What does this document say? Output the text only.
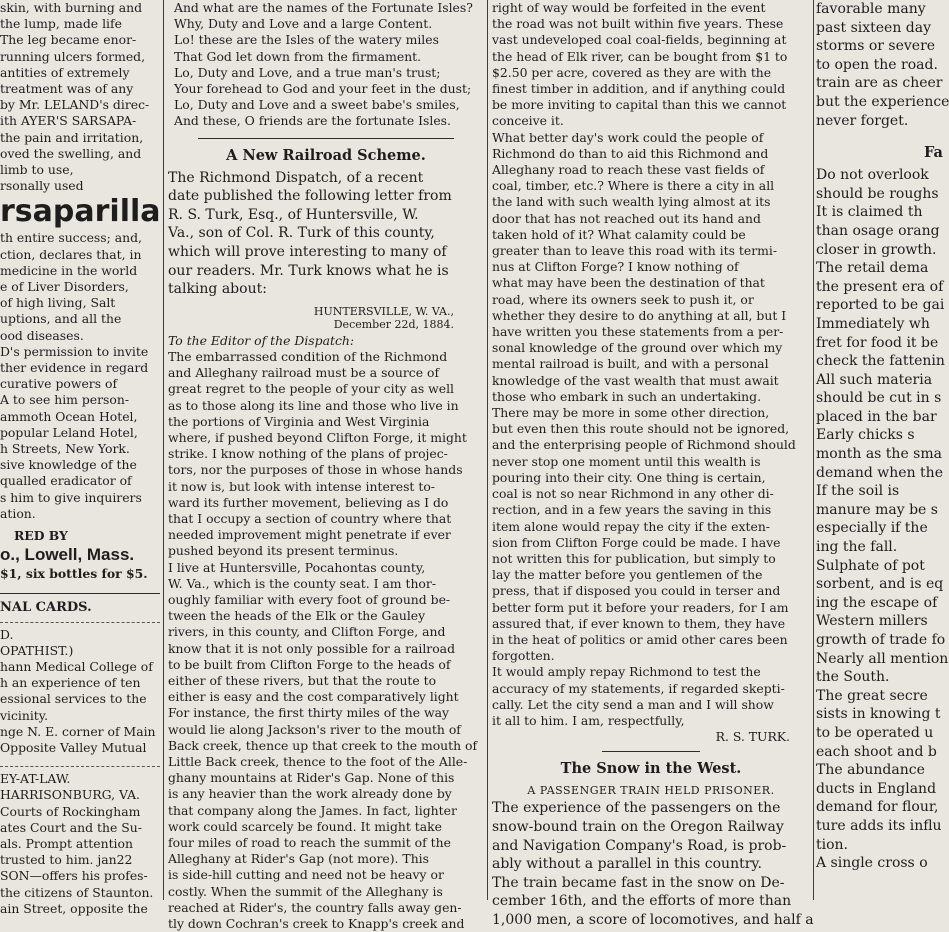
skin, with burning and
the lump, made life
The leg became enor-
running ulcers formed,
antities of extremely
treatment was of any
by Mr. LELAND's direc-
ith AYER'S SARSAPA-
the pain and irritation,
oved the swelling, and
limb to use,
rsonally used
rsaparilla
th entire success; and,
ction, declares that, in
medicine in the world
e of Liver Disorders,
of high living, Salt
uptions, and all the
ood diseases.
D's permission to invite
ther evidence in regard
curative powers of
A to see him person-
ammoth Ocean Hotel,
popular Leland Hotel,
h Streets, New York.
sive knowledge of the
qualled eradicator of
s him to give inquirers
ation.
RED BY
o., Lowell, Mass.
$1, six bottles for $5.
NAL CARDS.
D.
OPATHIST.)
hann Medical College of
h an experience of ten
essional services to the
vicinity.
nge N. E. corner of Main
Opposite Valley Mutual
EY-AT-LAW.
HARRISONBURG, VA.
Courts of Rockingham
ates Court and the Su-
als. Prompt attention
trusted to him. jan22
SON—offers his profes-
the citizens of Staunton.
ain Street, opposite the
And what are the names of the Fortunate Isles?
Why, Duty and Love and a large Content.
Lo! these are the Isles of the watery miles
That God let down from the firmament.
Lo, Duty and Love, and a true man's trust;
Your forehead to God and your feet in the dust;
Lo, Duty and Love and a sweet babe's smiles,
And these, O friends are the fortunate Isles.
A New Railroad Scheme.
The Richmond Dispatch, of a recent
date published the following letter from
R. S. Turk, Esq., of Huntersville, W.
Va., son of Col. R. Turk of this county,
which will prove interesting to many of
our readers. Mr. Turk knows what he is
talking about:
HUNTERSVILLE, W. VA.,
December 22d, 1884.
To the Editor of the Dispatch:
The embarrassed condition of the Richmond
and Alleghany railroad must be a source of
great regret to the people of your city as well
as to those along its line and those who live in
the portions of Virginia and West Virginia
where, if pushed beyond Clifton Forge, it might
strike. I know nothing of the plans of projec-
tors, nor the purposes of those in whose hands
it now is, but look with intense interest to-
ward its further movement, believing as I do
that I occupy a section of country where that
needed improvement might penetrate if ever
pushed beyond its present terminus.
I live at Huntersville, Pocahontas county,
W. Va., which is the county seat. I am thor-
oughly familiar with every foot of ground be-
tween the heads of the Elk or the Gauley
rivers, in this county, and Clifton Forge, and
know that it is not only possible for a railroad
to be built from Clifton Forge to the heads of
either of these rivers, but that the route to
either is easy and the cost comparatively light
For instance, the first thirty miles of the way
would lie along Jackson's river to the mouth of
Back creek, thence up that creek to the mouth of
Little Back creek, thence to the foot of the Alle-
ghany mountains at Rider's Gap. None of this
is any heavier than the work already done by
that company along the James. In fact, lighter
work could scarcely be found. It might take
four miles of road to reach the summit of the
Alleghany at Rider's Gap (not more). This
is side-hill cutting and need not be heavy or
costly. When the summit of the Alleghany is
reached at Rider's, the country falls away gen-
tly down Cochran's creek to Knapp's creek and
right of way would be forfeited in the event
the road was not built within five years. These
vast undeveloped coal coal-fields, beginning at
the head of Elk river, can be bought from $1 to
$2.50 per acre, covered as they are with the
finest timber in addition, and if anything could
be more inviting to capital than this we cannot
conceive it.
What better day's work could the people of
Richmond do than to aid this Richmond and
Alleghany road to reach these vast fields of
coal, timber, etc.? Where is there a city in all
the land with such wealth lying almost at its
door that has not reached out its hand and
taken hold of it? What calamity could be
greater than to leave this road with its termi-
nus at Clifton Forge? I know nothing of
what may have been the destination of that
road, where its owners seek to push it, or
whether they desire to do anything at all, but I
have written you these statements from a per-
sonal knowledge of the ground over which my
mental railroad is built, and with a personal
knowledge of the vast wealth that must await
those who embark in such an undertaking.
There may be more in some other direction,
but even then this route should not be ignored,
and the enterprising people of Richmond should
never stop one moment until this wealth is
pouring into their city. One thing is certain,
coal is not so near Richmond in any other di-
rection, and in a few years the saving in this
item alone would repay the city if the exten-
sion from Clifton Forge could be made. I have
not written this for publication, but simply to
lay the matter before you gentlemen of the
press, that if disposed you could in terser and
better form put it before your readers, for I am
assured that, if ever known to them, they have
in the heat of politics or amid other cares been
forgotten.
It would amply repay Richmond to test the
accuracy of my statements, if regarded skepti-
cally. Let the city send a man and I will show
it all to him. I am, respectfully,
R. S. TURK.
The Snow in the West.
A PASSENGER TRAIN HELD PRISONER.
The experience of the passengers on the
snow-bound train on the Oregon Railway
and Navigation Company's Road, is prob-
ably without a parallel in this country.
The train became fast in the snow on De-
cember 16th, and the efforts of more than
1,000 men, a score of locomotives, and half a
favorable many
past sixteen day
storms or severe
to open the road.
train are as cheer
but the experience
never forget.
Fa
Do not overlook
should be roughs
It is claimed th
than osage orang
closer in growth.
The retail dema
the present era of
reported to be gai
Immediately wh
fret for food it be
check the fattenin
All such materia
should be cut in s
placed in the bar
Early chicks s
month as the sma
demand when the
If the soil is
manure may be s
especially if the
ing the fall.
Sulphate of pot
sorbent, and is eq
ing the escape of
Western millers
growth of trade fo
Nearly all mention
the South.
The great secre
sists in knowing t
to be operated u
each shoot and b
The abundance
ducts in England
demand for flour,
ture adds its influ
tion.
A single cross o
